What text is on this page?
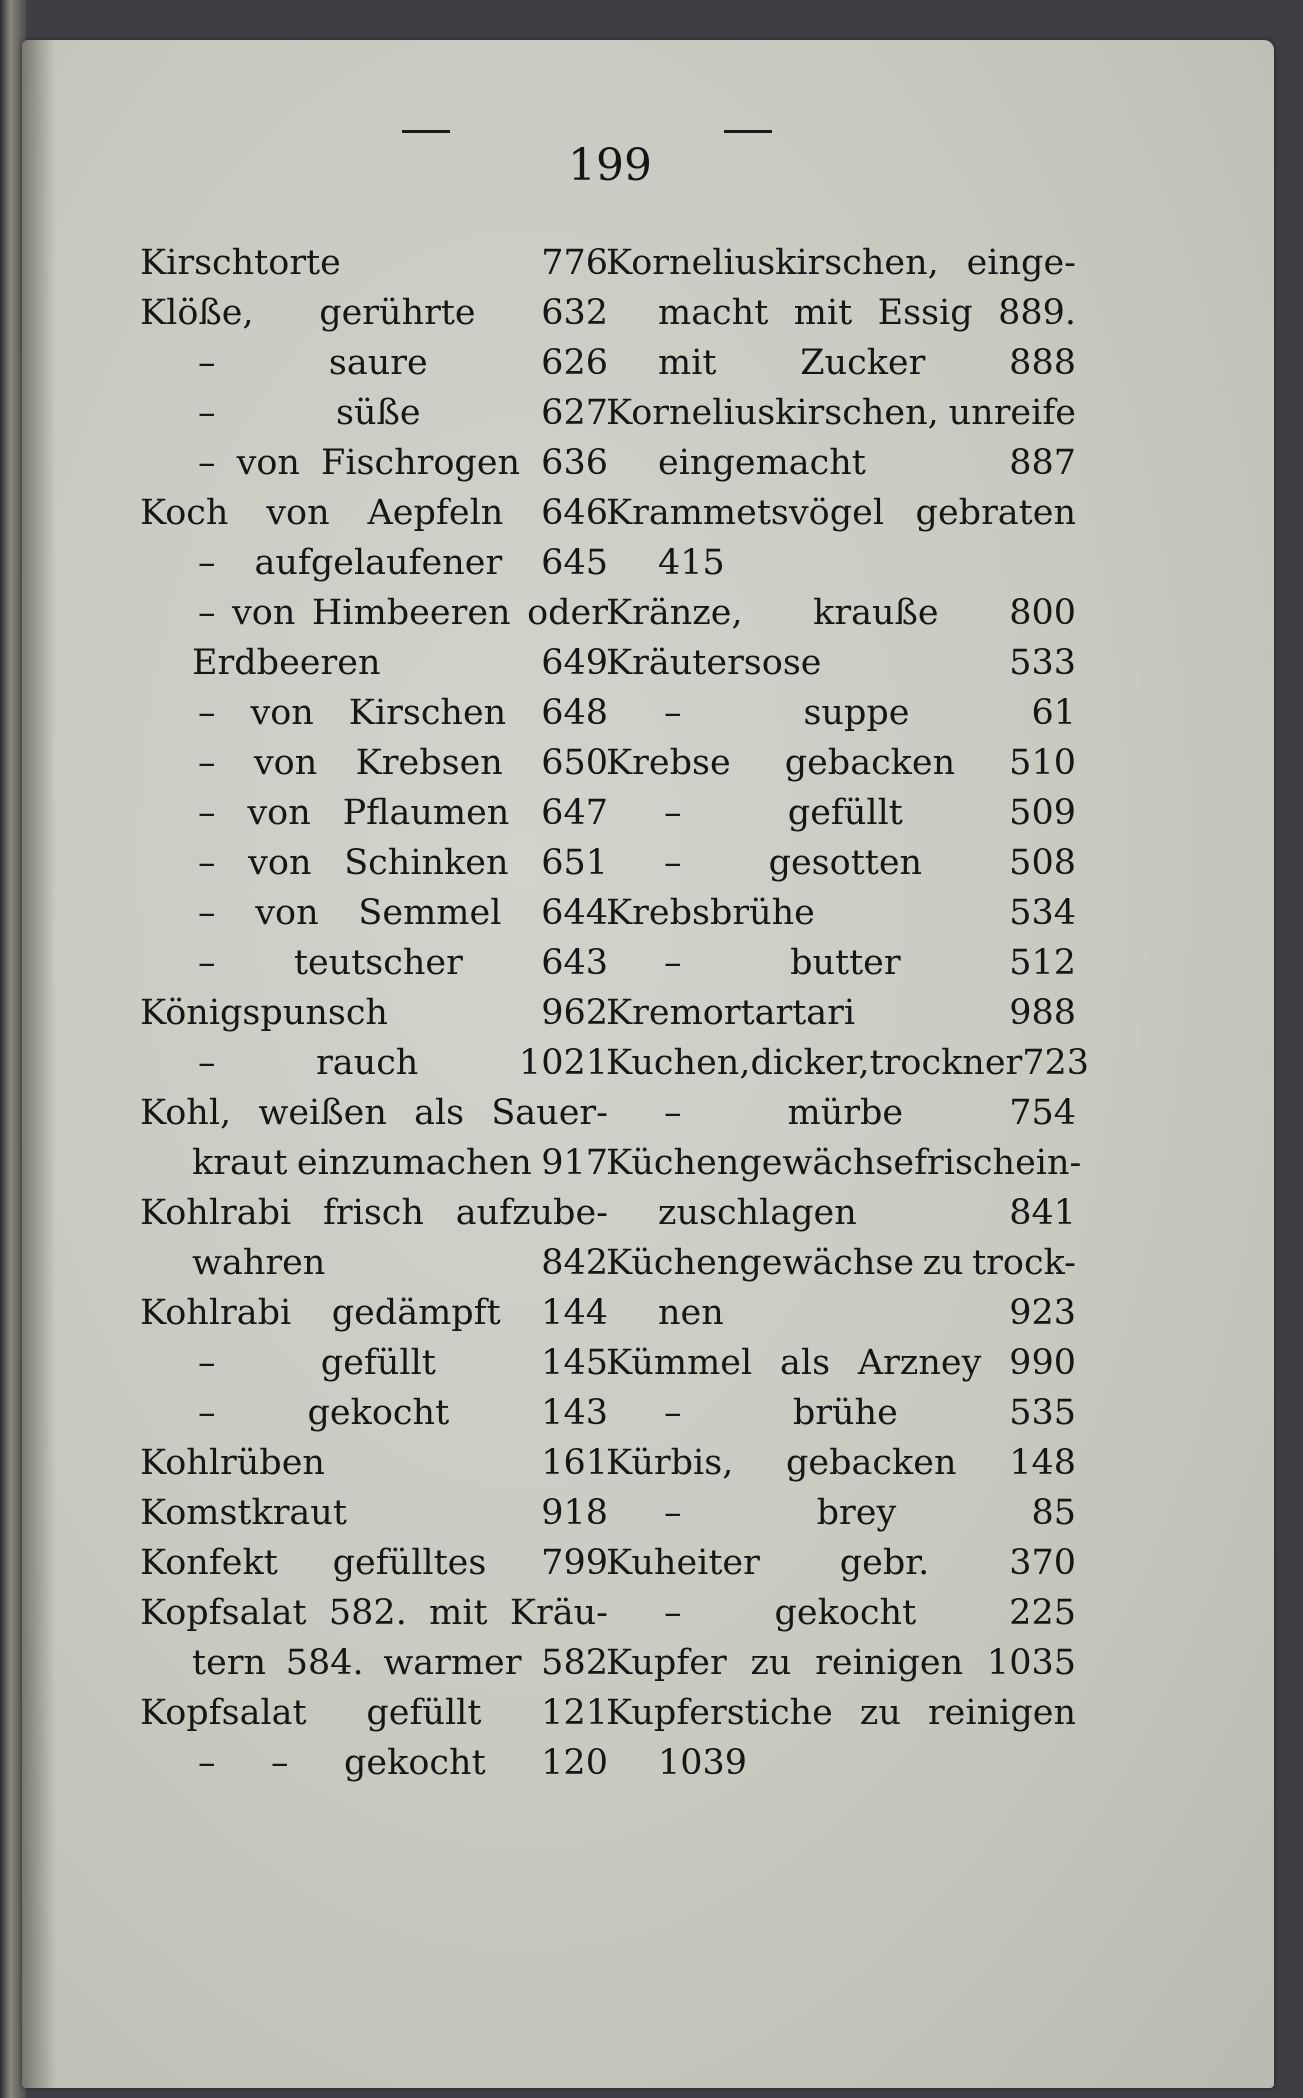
199
Kirschtorte	776
Klöße, gerührte 632
–	saure	626
–	süße	627
– von Fischrogen 636
Koch von Aepfeln 646
– aufgelaufener 645
– von Himbeeren oder
Erdbeeren	649
– von Kirschen 648
– von Krebsen 650
– von Pflaumen 647
– von Schinken 651
– von Semmel 644
– teutscher 643
Königspunsch	962
–	rauch	1021
Kohl, weißen als Sauer-
kraut einzumachen 917
Kohlrabi frisch aufzube-
wahren	842
Kohlrabi gedämpft 144
–	gefüllt	145
–	gekocht	143
Kohlrüben	161
Komstkraut	918
Konfekt gefülltes 799
Kopfsalat 582. mit Kräu-
tern 584. warmer 582
Kopfsalat gefüllt 121
– – gekocht 120
Korneliuskirschen, einge-
macht mit Essig 889.
mit Zucker 888
Korneliuskirschen, unreife
eingemacht	887
Krammetsvögel gebraten
415
Kränze, krauße 800
Kräutersose	533
–	suppe	61
Krebse gebacken 510
–	gefüllt	509
– gesotten 508
Krebsbrühe	534
–	butter	512
Kremortartari	988
Kuchen, dicker, trockner 723
–	mürbe	754
Küchengewächse frisch ein-
zuschlagen	841
Küchengewächse zu trock-
nen	923
Kümmel als Arzney 990
–	brühe	535
Kürbis, gebacken 148
–	brey	85
Kuheiter gebr. 370
–	gekocht	225
Kupfer zu reinigen 1035
Kupferstiche zu reinigen
1039
